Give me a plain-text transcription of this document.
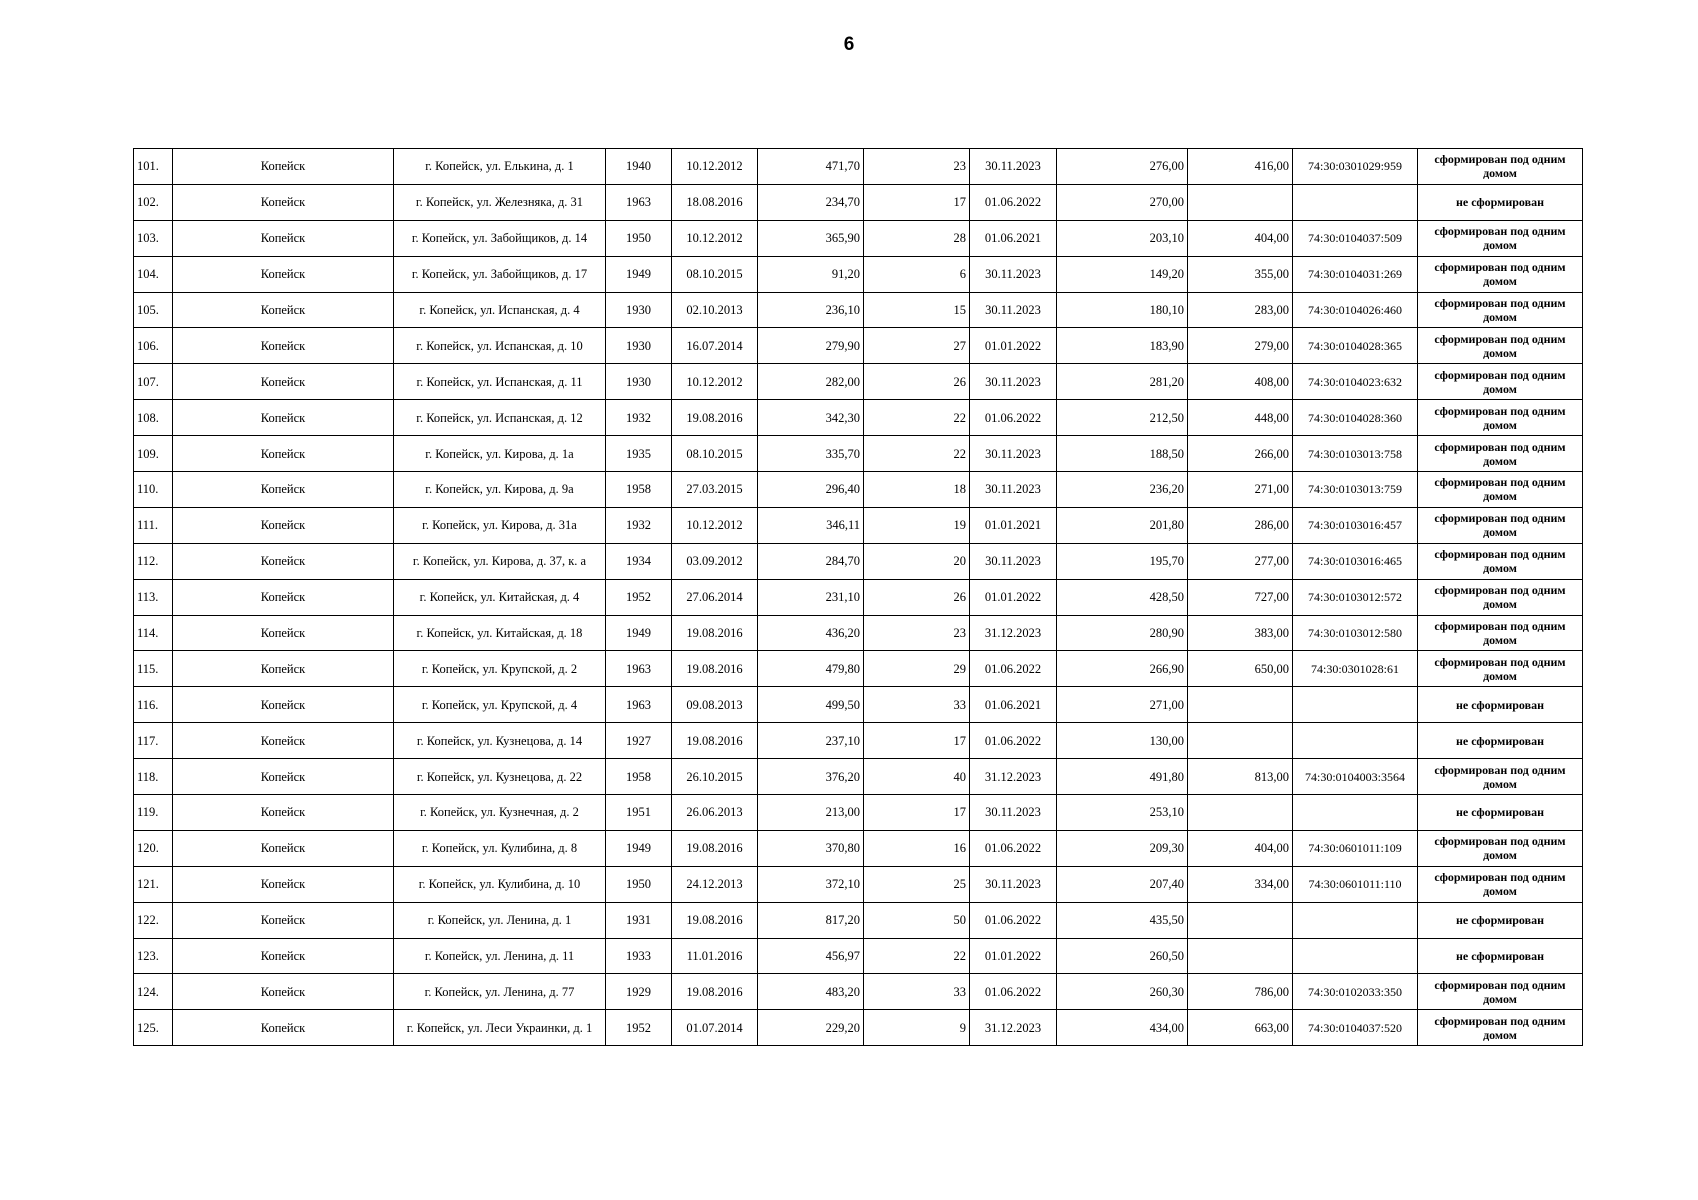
6
101.	Копейск	г. Копейск, ул. Елькина, д. 1	1940	10.12.2012	471,70	23	30.11.2023	276,00	416,00	74:30:0301029:959	сформирован под одним домом
102.	Копейск	г. Копейск, ул. Железняка, д. 31	1963	18.08.2016	234,70	17	01.06.2022	270,00			не сформирован
103.	Копейск	г. Копейск, ул. Забойщиков, д. 14	1950	10.12.2012	365,90	28	01.06.2021	203,10	404,00	74:30:0104037:509	сформирован под одним домом
104.	Копейск	г. Копейск, ул. Забойщиков, д. 17	1949	08.10.2015	91,20	6	30.11.2023	149,20	355,00	74:30:0104031:269	сформирован под одним домом
105.	Копейск	г. Копейск, ул. Испанская, д. 4	1930	02.10.2013	236,10	15	30.11.2023	180,10	283,00	74:30:0104026:460	сформирован под одним домом
106.	Копейск	г. Копейск, ул. Испанская, д. 10	1930	16.07.2014	279,90	27	01.01.2022	183,90	279,00	74:30:0104028:365	сформирован под одним домом
107.	Копейск	г. Копейск, ул. Испанская, д. 11	1930	10.12.2012	282,00	26	30.11.2023	281,20	408,00	74:30:0104023:632	сформирован под одним домом
108.	Копейск	г. Копейск, ул. Испанская, д. 12	1932	19.08.2016	342,30	22	01.06.2022	212,50	448,00	74:30:0104028:360	сформирован под одним домом
109.	Копейск	г. Копейск, ул. Кирова, д. 1а	1935	08.10.2015	335,70	22	30.11.2023	188,50	266,00	74:30:0103013:758	сформирован под одним домом
110.	Копейск	г. Копейск, ул. Кирова, д. 9а	1958	27.03.2015	296,40	18	30.11.2023	236,20	271,00	74:30:0103013:759	сформирован под одним домом
111.	Копейск	г. Копейск, ул. Кирова, д. 31а	1932	10.12.2012	346,11	19	01.01.2021	201,80	286,00	74:30:0103016:457	сформирован под одним домом
112.	Копейск	г. Копейск, ул. Кирова, д. 37, к. а	1934	03.09.2012	284,70	20	30.11.2023	195,70	277,00	74:30:0103016:465	сформирован под одним домом
113.	Копейск	г. Копейск, ул. Китайская, д. 4	1952	27.06.2014	231,10	26	01.01.2022	428,50	727,00	74:30:0103012:572	сформирован под одним домом
114.	Копейск	г. Копейск, ул. Китайская, д. 18	1949	19.08.2016	436,20	23	31.12.2023	280,90	383,00	74:30:0103012:580	сформирован под одним домом
115.	Копейск	г. Копейск, ул. Крупской, д. 2	1963	19.08.2016	479,80	29	01.06.2022	266,90	650,00	74:30:0301028:61	сформирован под одним домом
116.	Копейск	г. Копейск, ул. Крупской, д. 4	1963	09.08.2013	499,50	33	01.06.2021	271,00			не сформирован
117.	Копейск	г. Копейск, ул. Кузнецова, д. 14	1927	19.08.2016	237,10	17	01.06.2022	130,00			не сформирован
118.	Копейск	г. Копейск, ул. Кузнецова, д. 22	1958	26.10.2015	376,20	40	31.12.2023	491,80	813,00	74:30:0104003:3564	сформирован под одним домом
119.	Копейск	г. Копейск, ул. Кузнечная, д. 2	1951	26.06.2013	213,00	17	30.11.2023	253,10			не сформирован
120.	Копейск	г. Копейск, ул. Кулибина, д. 8	1949	19.08.2016	370,80	16	01.06.2022	209,30	404,00	74:30:0601011:109	сформирован под одним домом
121.	Копейск	г. Копейск, ул. Кулибина, д. 10	1950	24.12.2013	372,10	25	30.11.2023	207,40	334,00	74:30:0601011:110	сформирован под одним домом
122.	Копейск	г. Копейск, ул. Ленина, д. 1	1931	19.08.2016	817,20	50	01.06.2022	435,50			не сформирован
123.	Копейск	г. Копейск, ул. Ленина, д. 11	1933	11.01.2016	456,97	22	01.01.2022	260,50			не сформирован
124.	Копейск	г. Копейск, ул. Ленина, д. 77	1929	19.08.2016	483,20	33	01.06.2022	260,30	786,00	74:30:0102033:350	сформирован под одним домом
125.	Копейск	г. Копейск, ул. Леси Украинки, д. 1	1952	01.07.2014	229,20	9	31.12.2023	434,00	663,00	74:30:0104037:520	сформирован под одним домом
